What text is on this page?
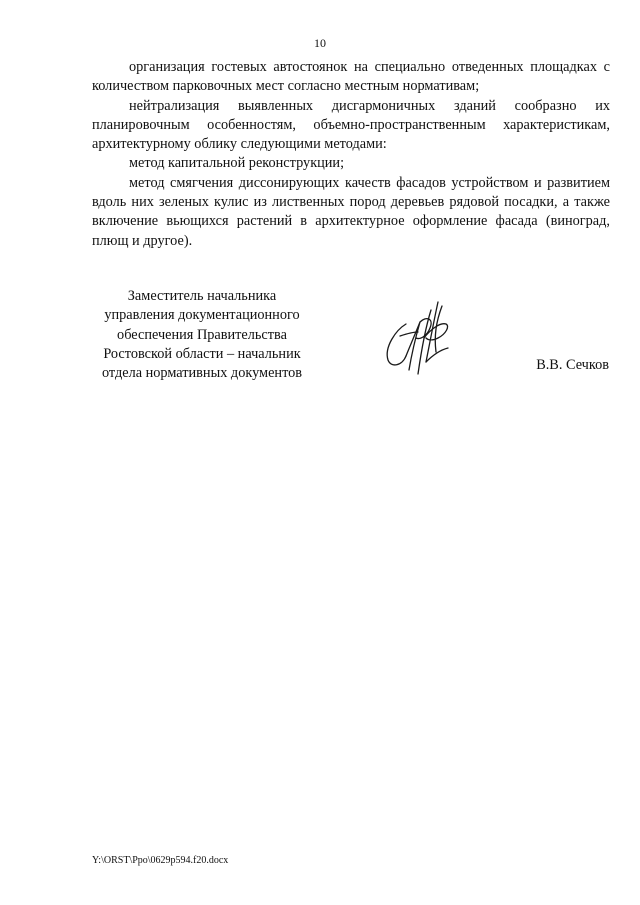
10

организация гостевых автостоянок на специально отведенных площадках с количеством парковочных мест согласно местным нормативам;

нейтрализация выявленных дисгармоничных зданий сообразно их планировочным особенностям, объемно-пространственным характеристикам, архитектурному облику следующими методами:

метод капитальной реконструкции;

метод смягчения диссонирующих качеств фасадов устройством и развитием вдоль них зеленых кулис из лиственных пород деревьев рядовой посадки, а также включение вьющихся растений в архитектурное оформление фасада (виноград, плющ и другое).

Заместитель начальника
управления документационного
обеспечения Правительства
Ростовской области – начальник
отдела нормативных документов
В.В. Сечков
Y:\ORST\Ppo\0629p594.f20.docx
